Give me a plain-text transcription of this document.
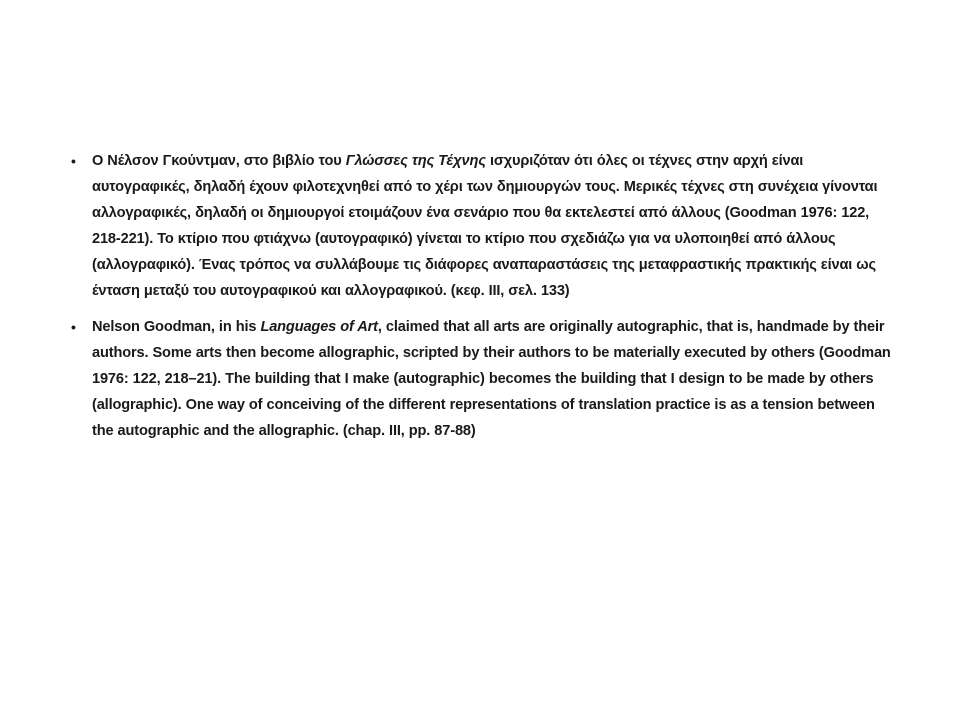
• Ο Νέλσον Γκούντμαν, στο βιβλίο του Γλώσσες της Τέχνης ισχυριζόταν ότι όλες οι τέχνες στην αρχή είναι αυτογραφικές, δηλαδή έχουν φιλοτεχνηθεί από το χέρι των δημιουργών τους. Μερικές τέχνες στη συνέχεια γίνονται αλλογραφικές, δηλαδή οι δημιουργοί ετοιμάζουν ένα σενάριο που θα εκτελεστεί από άλλους (Goodman 1976: 122, 218-221). Το κτίριο που φτιάχνω (αυτογραφικό) γίνεται το κτίριο που σχεδιάζω για να υλοποιηθεί από άλλους (αλλογραφικό). Ένας τρόπος να συλλάβουμε τις διάφορες αναπαραστάσεις της μεταφραστικής πρακτικής είναι ως ένταση μεταξύ του αυτογραφικού και αλλογραφικού. (κεφ. ΙΙΙ, σελ. 133)
• Nelson Goodman, in his Languages of Art, claimed that all arts are originally autographic, that is, handmade by their authors. Some arts then become allographic, scripted by their authors to be materially executed by others (Goodman 1976: 122, 218–21). The building that I make (autographic) becomes the building that I design to be made by others (allographic). One way of conceiving of the different representations of translation practice is as a tension between the autographic and the allographic. (chap. III, pp. 87-88)
